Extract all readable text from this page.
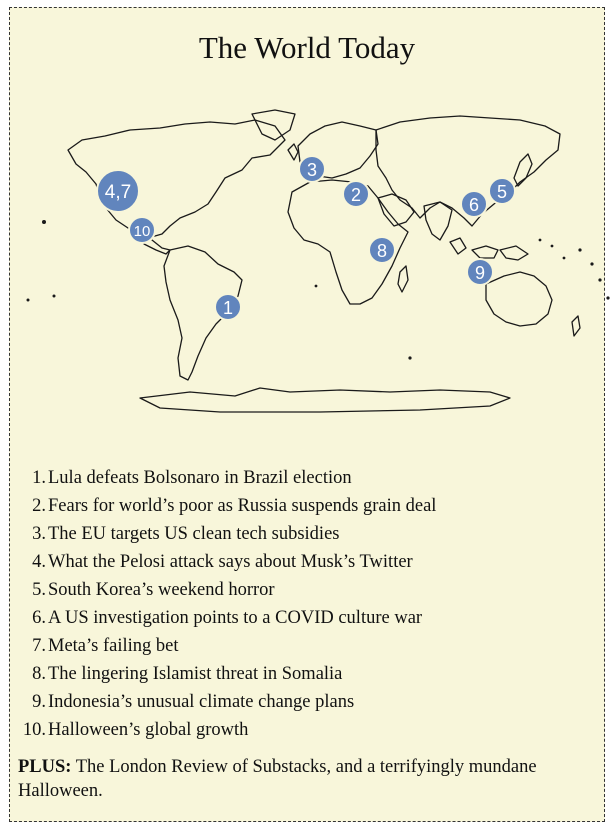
The World Today
4,7
3
2	6
5
10
8
9
1
1. Lula defeats Bolsonaro in Brazil election
2. Fears for world’s poor as Russia suspends grain deal
3. The EU targets US clean tech subsidies
4. What the Pelosi attack says about Musk’s Twitter
5. South Korea’s weekend horror
6. A US investigation points to a COVID culture war
7. Meta’s failing bet
8. The lingering Islamist threat in Somalia
9. Indonesia’s unusual climate change plans
10. Halloween’s global growth
PLUS: The London Review of Substacks, and a terrifyingly mundane Halloween.
